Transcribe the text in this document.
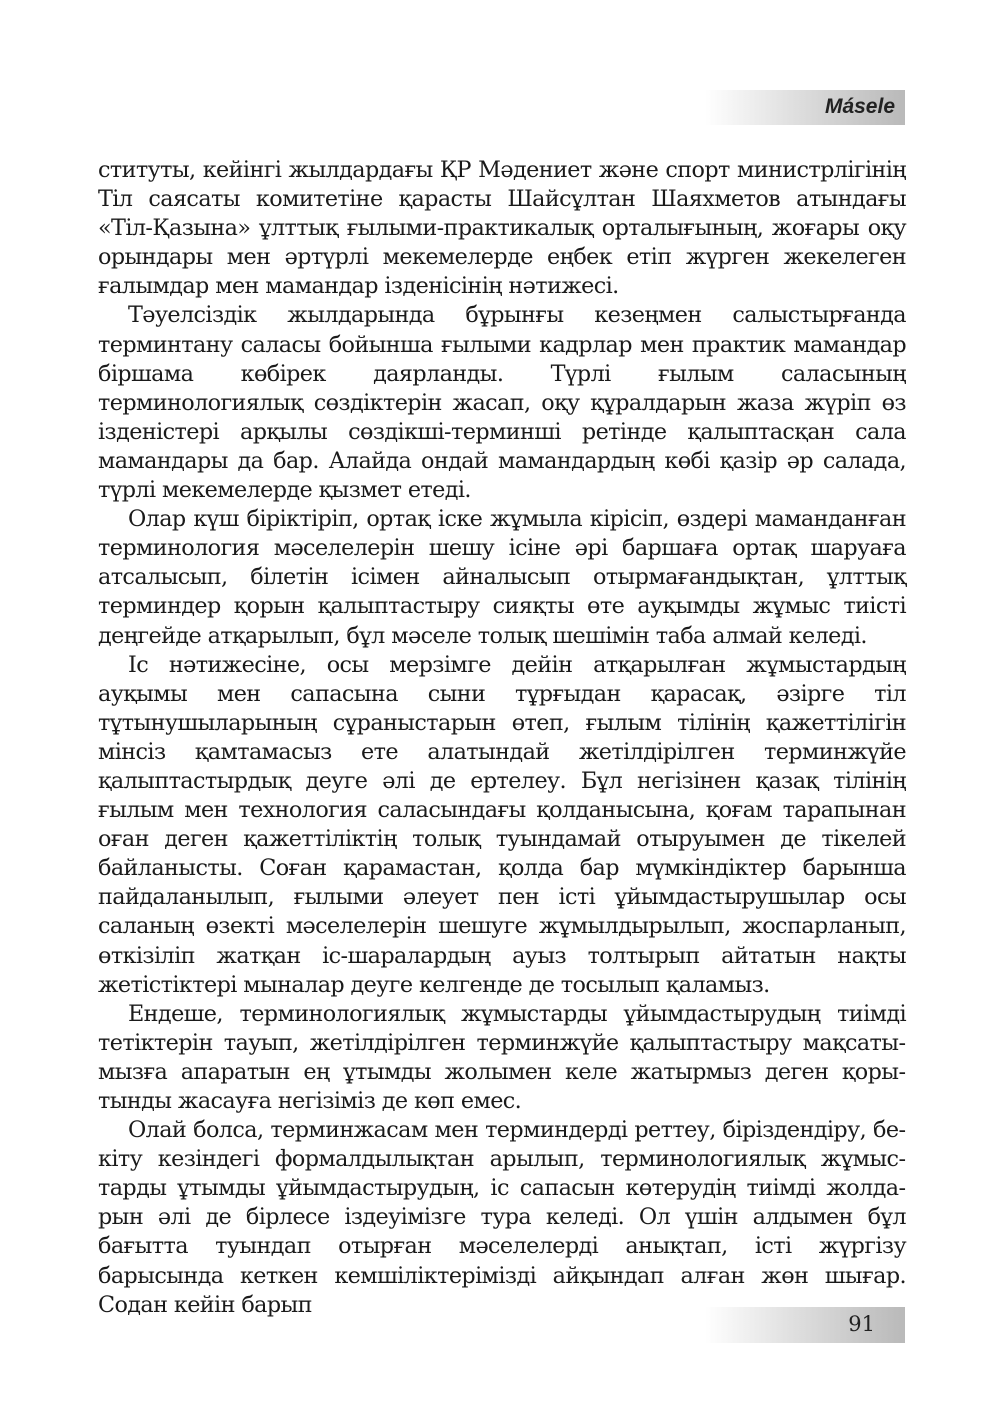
Másele

ституты, кейінгі жылдардағы ҚР Мәдениет және спорт министрлігінің Тіл саясаты комитетіне қарасты Шайсұлтан Шаяхметов атындағы «Тіл-Қазына» ұлттық ғылыми-практикалық орталығының, жоғары оқу орындары мен әртүрлі мекемелерде еңбек етіп жүрген жекелеген ғалымдар мен мамандар ізденісінің нәтижесі.

Тәуелсіздік жылдарында бұрынғы кезеңмен салыстырғанда терминтану саласы бойынша ғылыми кадрлар мен практик мамандар біршама көбірек даярланды. Түрлі ғылым саласының терминологиялық сөздіктерін жасап, оқу құралдарын жаза жүріп өз ізденістері арқылы сөздікші-терминші ретінде қалыптасқан сала мамандары да бар. Алайда ондай мамандардың көбі қазір әр салада, түрлі мекемелерде қызмет етеді.

Олар күш біріктіріп, ортақ іске жұмыла кірісіп, өздері маманданған терминология мәселелерін шешу ісіне әрі баршаға ортақ шаруаға атсалысып, білетін ісімен айналысып отырмағандықтан, ұлттық терминдер қорын қалыптастыру сияқты өте ауқымды жұмыс тиісті деңгейде атқарылып, бұл мәселе толық шешімін таба алмай келеді.

Іс нәтижесіне, осы мерзімге дейін атқарылған жұмыстардың ауқымы мен сапасына сыни тұрғыдан қарасақ, әзірге тіл тұтынушыларының сұраныстарын өтеп, ғылым тілінің қажеттілігін мінсіз қамтамасыз ете алатындай жетілдірілген терминжүйе қалыптастырдық деуге әлі де ертелеу. Бұл негізінен қазақ тілінің ғылым мен технология саласындағы қолданысына, қоғам тарапынан оған деген қажеттіліктің толық туындамай отыруымен де тікелей байланысты. Соған қарамастан, қолда бар мүмкіндіктер барынша пайдаланылып, ғылыми әлеует пен істі ұйымдастырушылар осы саланың өзекті мәселелерін шешуге жұмылдырылып, жоспарланып, өткізіліп жатқан іс-шаралардың ауыз толтырып айтатын нақты жетістіктері мыналар деуге келгенде де тосылып қаламыз.

Ендеше, терминологиялық жұмыстарды ұйымдастырудың тиімді тетіктерін тауып, жетілдірілген терминжүйе қалыптастыру мақсатымызға апаратын ең ұтымды жолымен келе жатырмыз деген қорытынды жасауға негізіміз де көп емес.

Олай болса, терминжасам мен терминдерді реттеу, біріздендіру, бекіту кезіндегі формалдылықтан арылып, терминологиялық жұмыстарды ұтымды ұйымдастырудың, іс сапасын көтерудің тиімді жолдарын әлі де бірлесе іздеуімізге тура келеді. Ол үшін алдымен бұл бағытта туындап отырған мәселелерді анықтап, істі жүргізу барысында кеткен кемшіліктерімізді айқындап алған жөн шығар. Содан кейін барып

91
